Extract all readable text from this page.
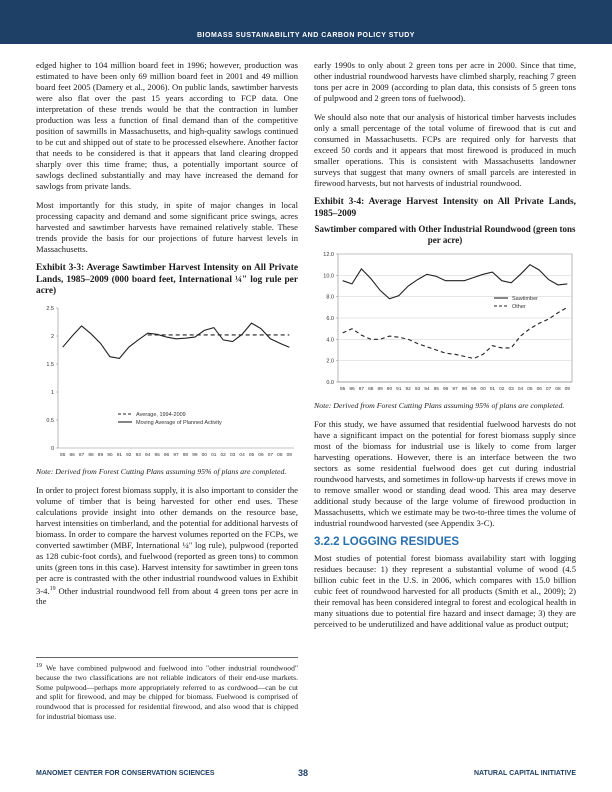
BIOMASS SUSTAINABILITY AND CARBON POLICY STUDY

edged higher to 104 million board feet in 1996; however, production was estimated to have been only 69 million board feet in 2001 and 49 million board feet 2005 (Damery et al., 2006). On public lands, sawtimber harvests were also flat over the past 15 years according to FCP data. One interpretation of these trends would be that the contraction in lumber production was less a function of final demand than of the competitive position of sawmills in Massachusetts, and high-quality sawlogs continued to be cut and shipped out of state to be processed elsewhere. Another factor that needs to be considered is that it appears that land clearing dropped sharply over this time frame; thus, a potentially important source of sawlogs declined substantially and may have increased the demand for sawlogs from private lands.

Most importantly for this study, in spite of major changes in local processing capacity and demand and some significant price swings, acres harvested and sawtimber harvests have remained relatively stable. These trends provide the basis for our projections of future harvest levels in Massachusetts.

Exhibit 3-3: Average Sawtimber Harvest Intensity on All Private Lands, 1985–2009 (000 board feet, International ¼" log rule per acre)
0
0.5
1
1.5
2
2.5
85 86 87 88 89 90 91 92 93 94 95 96 97 98 99 00 01 02 03 04 05 06 07 08 09
Average, 1994-2009
Moving Average of Planned Activity
Note: Derived from Forest Cutting Plans assuming 95% of plans are completed.

In order to project forest biomass supply, it is also important to consider the volume of timber that is being harvested for other end uses. These calculations provide insight into other demands on the resource base, harvest intensities on timberland, and the potential for additional harvests of biomass. In order to compare the harvest volumes reported on the FCPs, we converted sawtimber (MBF, International ¼" log rule), pulpwood (reported as 128 cubic-foot cords), and fuelwood (reported as green tons) to common units (green tons in this case). Harvest intensity for sawtimber in green tons per acre is contrasted with the other industrial roundwood values in Exhibit 3-4.19 Other industrial roundwood fell from about 4 green tons per acre in the

$^{19}$ We have combined pulpwood and fuelwood into "other industrial roundwood" because the two classifications are not reliable indicators of their end-use markets. Some pulpwood—perhaps more appropriately referred to as cordwood—can be cut and split for firewood, and may be chipped for biomass. Fuelwood is comprised of roundwood that is processed for residential firewood, and also wood that is chipped for industrial biomass use.

early 1990s to only about 2 green tons per acre in 2000. Since that time, other industrial roundwood harvests have climbed sharply, reaching 7 green tons per acre in 2009 (according to plan data, this consists of 5 green tons of pulpwood and 2 green tons of fuelwood).

We should also note that our analysis of historical timber harvests includes only a small percentage of the total volume of firewood that is cut and consumed in Massachusetts. FCPs are required only for harvests that exceed 50 cords and it appears that most firewood is produced in much smaller operations. This is consistent with Massachusetts landowner surveys that suggest that many owners of small parcels are interested in firewood harvests, but not harvests of industrial roundwood.

Exhibit 3-4: Average Harvest Intensity on All Private Lands, 1985–2009
Sawtimber compared with Other Industrial Roundwood (green tons per acre)
0.0
2.0
4.0
6.0
8.0
10.0
12.0
85 86 87 88 89 90 91 92 93 94 95 96 97 98 99 00 01 02 03 04 05 06 07 08 09
Sawtimber
Other
Note: Derived from Forest Cutting Plans assuming 95% of plans are completed.

For this study, we have assumed that residential fuelwood harvests do not have a significant impact on the potential for forest biomass supply since most of the biomass for industrial use is likely to come from larger harvesting operations. However, there is an interface between the two sectors as some residential fuelwood does get cut during industrial roundwood harvests, and sometimes in follow-up harvests if crews move in to remove smaller wood or standing dead wood. This area may deserve additional study because of the large volume of firewood production in Massachusetts, which we estimate may be two-to-three times the volume of industrial roundwood harvested (see Appendix 3-C).

3.2.2 LOGGING RESIDUES

Most studies of potential forest biomass availability start with logging residues because: 1) they represent a substantial volume of wood (4.5 billion cubic feet in the U.S. in 2006, which compares with 15.0 billion cubic feet of roundwood harvested for all products (Smith et al., 2009); 2) their removal has been considered integral to forest and ecological health in many situations due to potential fire hazard and insect damage; 3) they are perceived to be underutilized and have additional value as product output;

MANOMET CENTER FOR CONSERVATION SCIENCES	38	NATURAL CAPITAL INITIATIVE
